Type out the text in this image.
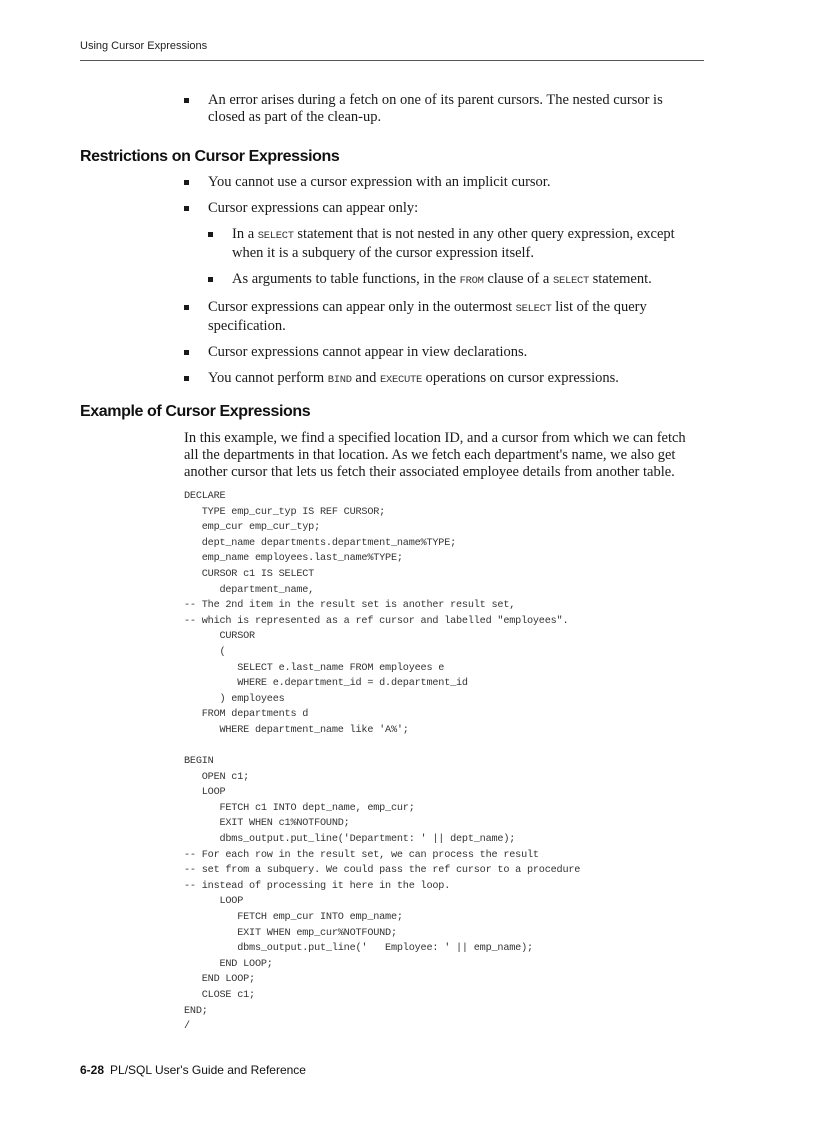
Using Cursor Expressions
An error arises during a fetch on one of its parent cursors. The nested cursor is closed as part of the clean-up.
Restrictions on Cursor Expressions
You cannot use a cursor expression with an implicit cursor.
Cursor expressions can appear only:
In a SELECT statement that is not nested in any other query expression, except when it is a subquery of the cursor expression itself.
As arguments to table functions, in the FROM clause of a SELECT statement.
Cursor expressions can appear only in the outermost SELECT list of the query specification.
Cursor expressions cannot appear in view declarations.
You cannot perform BIND and EXECUTE operations on cursor expressions.
Example of Cursor Expressions

In this example, we find a specified location ID, and a cursor from which we can fetch all the departments in that location. As we fetch each department's name, we also get another cursor that lets us fetch their associated employee details from another table.

DECLARE
TYPE emp_cur_typ IS REF CURSOR;
emp_cur emp_cur_typ;
dept_name departments.department_name%TYPE;
emp_name employees.last_name%TYPE;
CURSOR c1 IS SELECT
department_name,
-- The 2nd item in the result set is another result set,
-- which is represented as a ref cursor and labelled "employees".
CURSOR
(
SELECT e.last_name FROM employees e
WHERE e.department_id = d.department_id
) employees
FROM departments d
WHERE department_name like 'A%';

BEGIN
OPEN c1;
LOOP
FETCH c1 INTO dept_name, emp_cur;
EXIT WHEN c1%NOTFOUND;
dbms_output.put_line('Department: ' || dept_name);
-- For each row in the result set, we can process the result
-- set from a subquery. We could pass the ref cursor to a procedure
-- instead of processing it here in the loop.
LOOP
FETCH emp_cur INTO emp_name;
EXIT WHEN emp_cur%NOTFOUND;
dbms_output.put_line('   Employee: ' || emp_name);
END LOOP;
END LOOP;
CLOSE c1;
END;
/
6-28 PL/SQL User's Guide and Reference
